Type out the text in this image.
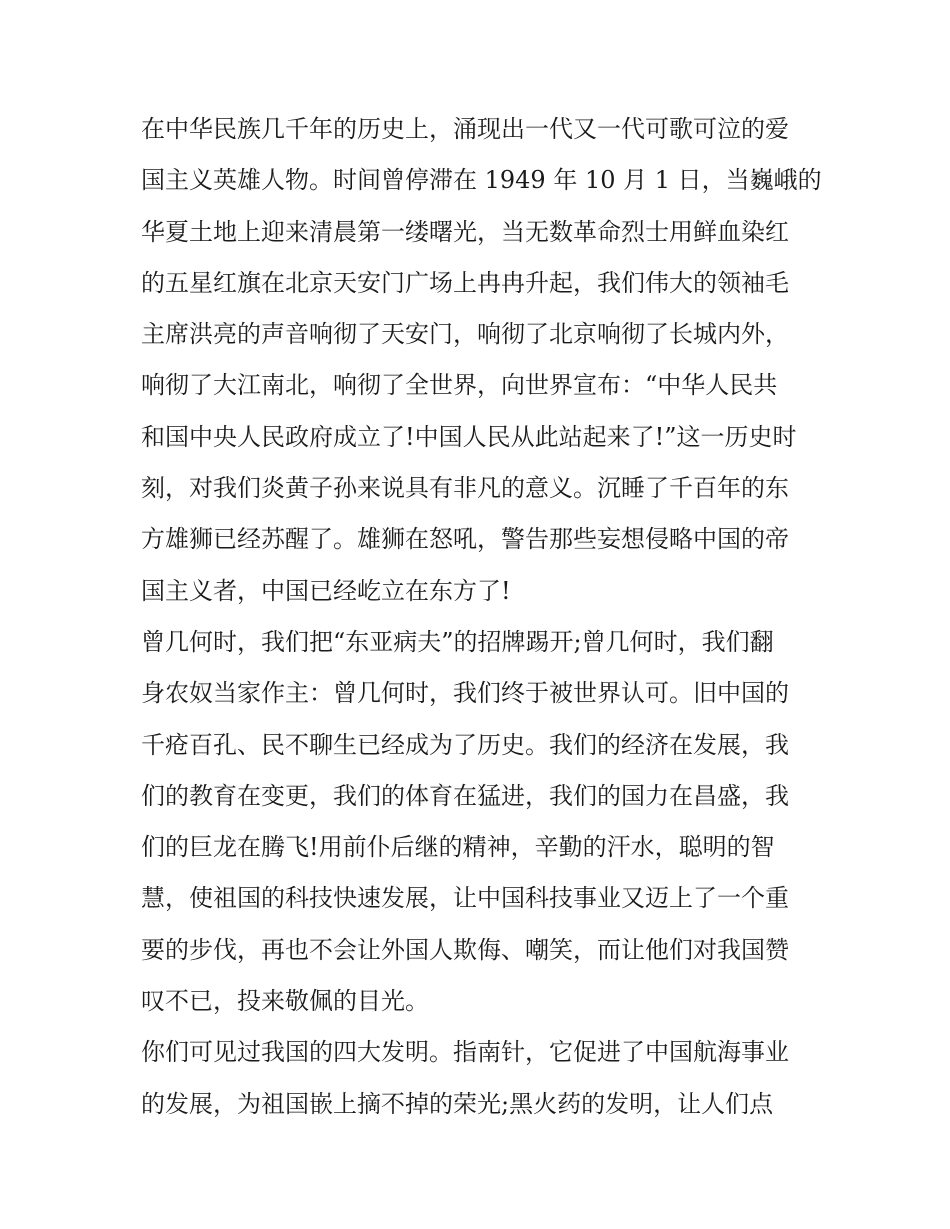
在中华民族几千年的历史上，涌现出一代又一代可歌可泣的爱
国主义英雄人物。时间曾停滞在 1949 年 10 月 1 日，当巍峨的
华夏土地上迎来清晨第一缕曙光，当无数革命烈士用鲜血染红
的五星红旗在北京天安门广场上冉冉升起，我们伟大的领袖毛
主席洪亮的声音响彻了天安门，响彻了北京响彻了长城内外，
响彻了大江南北，响彻了全世界，向世界宣布：“中华人民共
和国中央人民政府成立了!中国人民从此站起来了!”这一历史时
刻，对我们炎黄子孙来说具有非凡的意义。沉睡了千百年的东
方雄狮已经苏醒了。雄狮在怒吼，警告那些妄想侵略中国的帝
国主义者，中国已经屹立在东方了!
曾几何时，我们把“东亚病夫”的招牌踢开;曾几何时，我们翻
身农奴当家作主：曾几何时，我们终于被世界认可。旧中国的
千疮百孔、民不聊生已经成为了历史。我们的经济在发展，我
们的教育在变更，我们的体育在猛进，我们的国力在昌盛，我
们的巨龙在腾飞!用前仆后继的精神，辛勤的汗水，聪明的智
慧，使祖国的科技快速发展，让中国科技事业又迈上了一个重
要的步伐，再也不会让外国人欺侮、嘲笑，而让他们对我国赞
叹不已，投来敬佩的目光。
你们可见过我国的四大发明。指南针，它促进了中国航海事业
的发展，为祖国嵌上摘不掉的荣光;黑火药的发明，让人们点
